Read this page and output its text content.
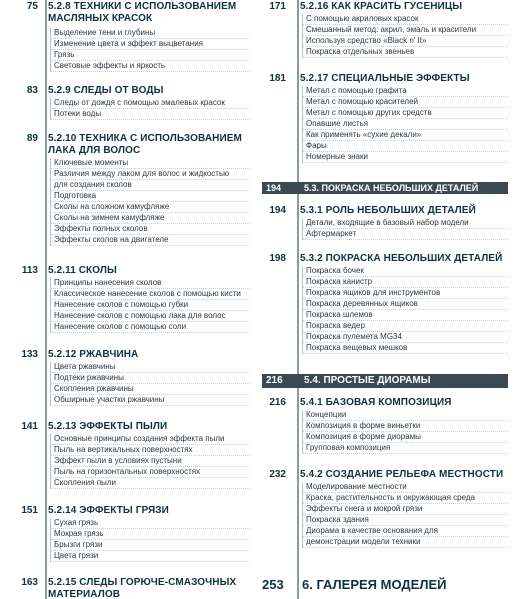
75 5.2.8 ТЕХНИКИ С ИСПОЛЬЗОВАНИЕМ МАСЛЯНЫХ КРАСОК
Выделение тени и глубины
Изменение цвета и эффект выцветания
Грязь
Световые эффекты и яркость
83 5.2.9 СЛЕДЫ ОТ ВОДЫ
Следы от дождя с помощью эмалевых красок
Потеки воды
89 5.2.10 ТЕХНИКА С ИСПОЛЬЗОВАНИЕМ ЛАКА ДЛЯ ВОЛОС
Ключевые моменты
Различия между лаком для волос и жидкостью
для создания сколов
Подготовка
Сколы на сложном камуфляже
Сколы на зимнем камуфляже
Эффекты полных сколов
Эффекты сколов на двигателе
113 5.2.11 СКОЛЫ
Принципы нанесения сколов
Классическое нанесение сколов с помощью кисти
Нанесение сколов с помощью губки
Нанесение сколов с помощью лака для волос
Нанесение сколов с помощью соли
133 5.2.12 РЖАВЧИНА
Цвета ржавчины
Подтеки ржавчины
Скопления ржавчины
Обширные участки ржавчины
141 5.2.13 ЭФФЕКТЫ ПЫЛИ
Основные принципы создания эффекта пыли
Пыль на вертикальных поверхностях
Эффект пыли в условиях пустыни
Пыль на горизонтальных поверхностях
Скопления пыли
151 5.2.14 ЭФФЕКТЫ ГРЯЗИ
Сухая грязь
Мокрая грязь
Брызги грязи
Цвета грязи
163 5.2.15 СЛЕДЫ ГОРЮЧЕ-СМАЗОЧНЫХ МАТЕРИАЛОВ
171 5.2.16 КАК КРАСИТЬ ГУСЕНИЦЫ
С помощью акриловых красок
Смешанный метод: акрил, эмаль и красители
Используя средство «Black n' It»
Покраска отдельных звеньев
181 5.2.17 СПЕЦИАЛЬНЫЕ ЭФФЕКТЫ
Метал с помощью графита
Метал с помощью красителей
Метал с помощью других средств
Опавшие листья
Как применять «сухие декали»
Фары
Номерные знаки
194 5.3.1 РОЛЬ НЕБОЛЬШИХ ДЕТАЛЕЙ
Детали, входящие в базовый набор модели
Афтермаркет
198 5.3.2 ПОКРАСКА НЕБОЛЬШИХ ДЕТАЛЕЙ
Покраска бочек
Покраска канистр
Покраска ящиков для инструментов
Покраска деревянных ящиков
Покраска шлемов
Покраска ведер
Покраска пулемета MG34
Покраска вещевых мешков
216 5.4.1 БАЗОВАЯ КОМПОЗИЦИЯ
Концепции
Композиция в форме виньетки
Композиция в форме диорамы
Групповая композиция
232 5.4.2 СОЗДАНИЕ РЕЛЬЕФА МЕСТНОСТИ
Моделирование местности
Краска, растительность и окружающая среда
Эффекты снега и мокрой грязи
Покраска здания
Диорама в качестве основания для
демонстрации модели техники
194	5.3. ПОКРАСКА НЕБОЛЬШИХ ДЕТАЛЕЙ
216	5.4. ПРОСТЫЕ ДИОРАМЫ
253 6. ГАЛЕРЕЯ МОДЕЛЕЙ
